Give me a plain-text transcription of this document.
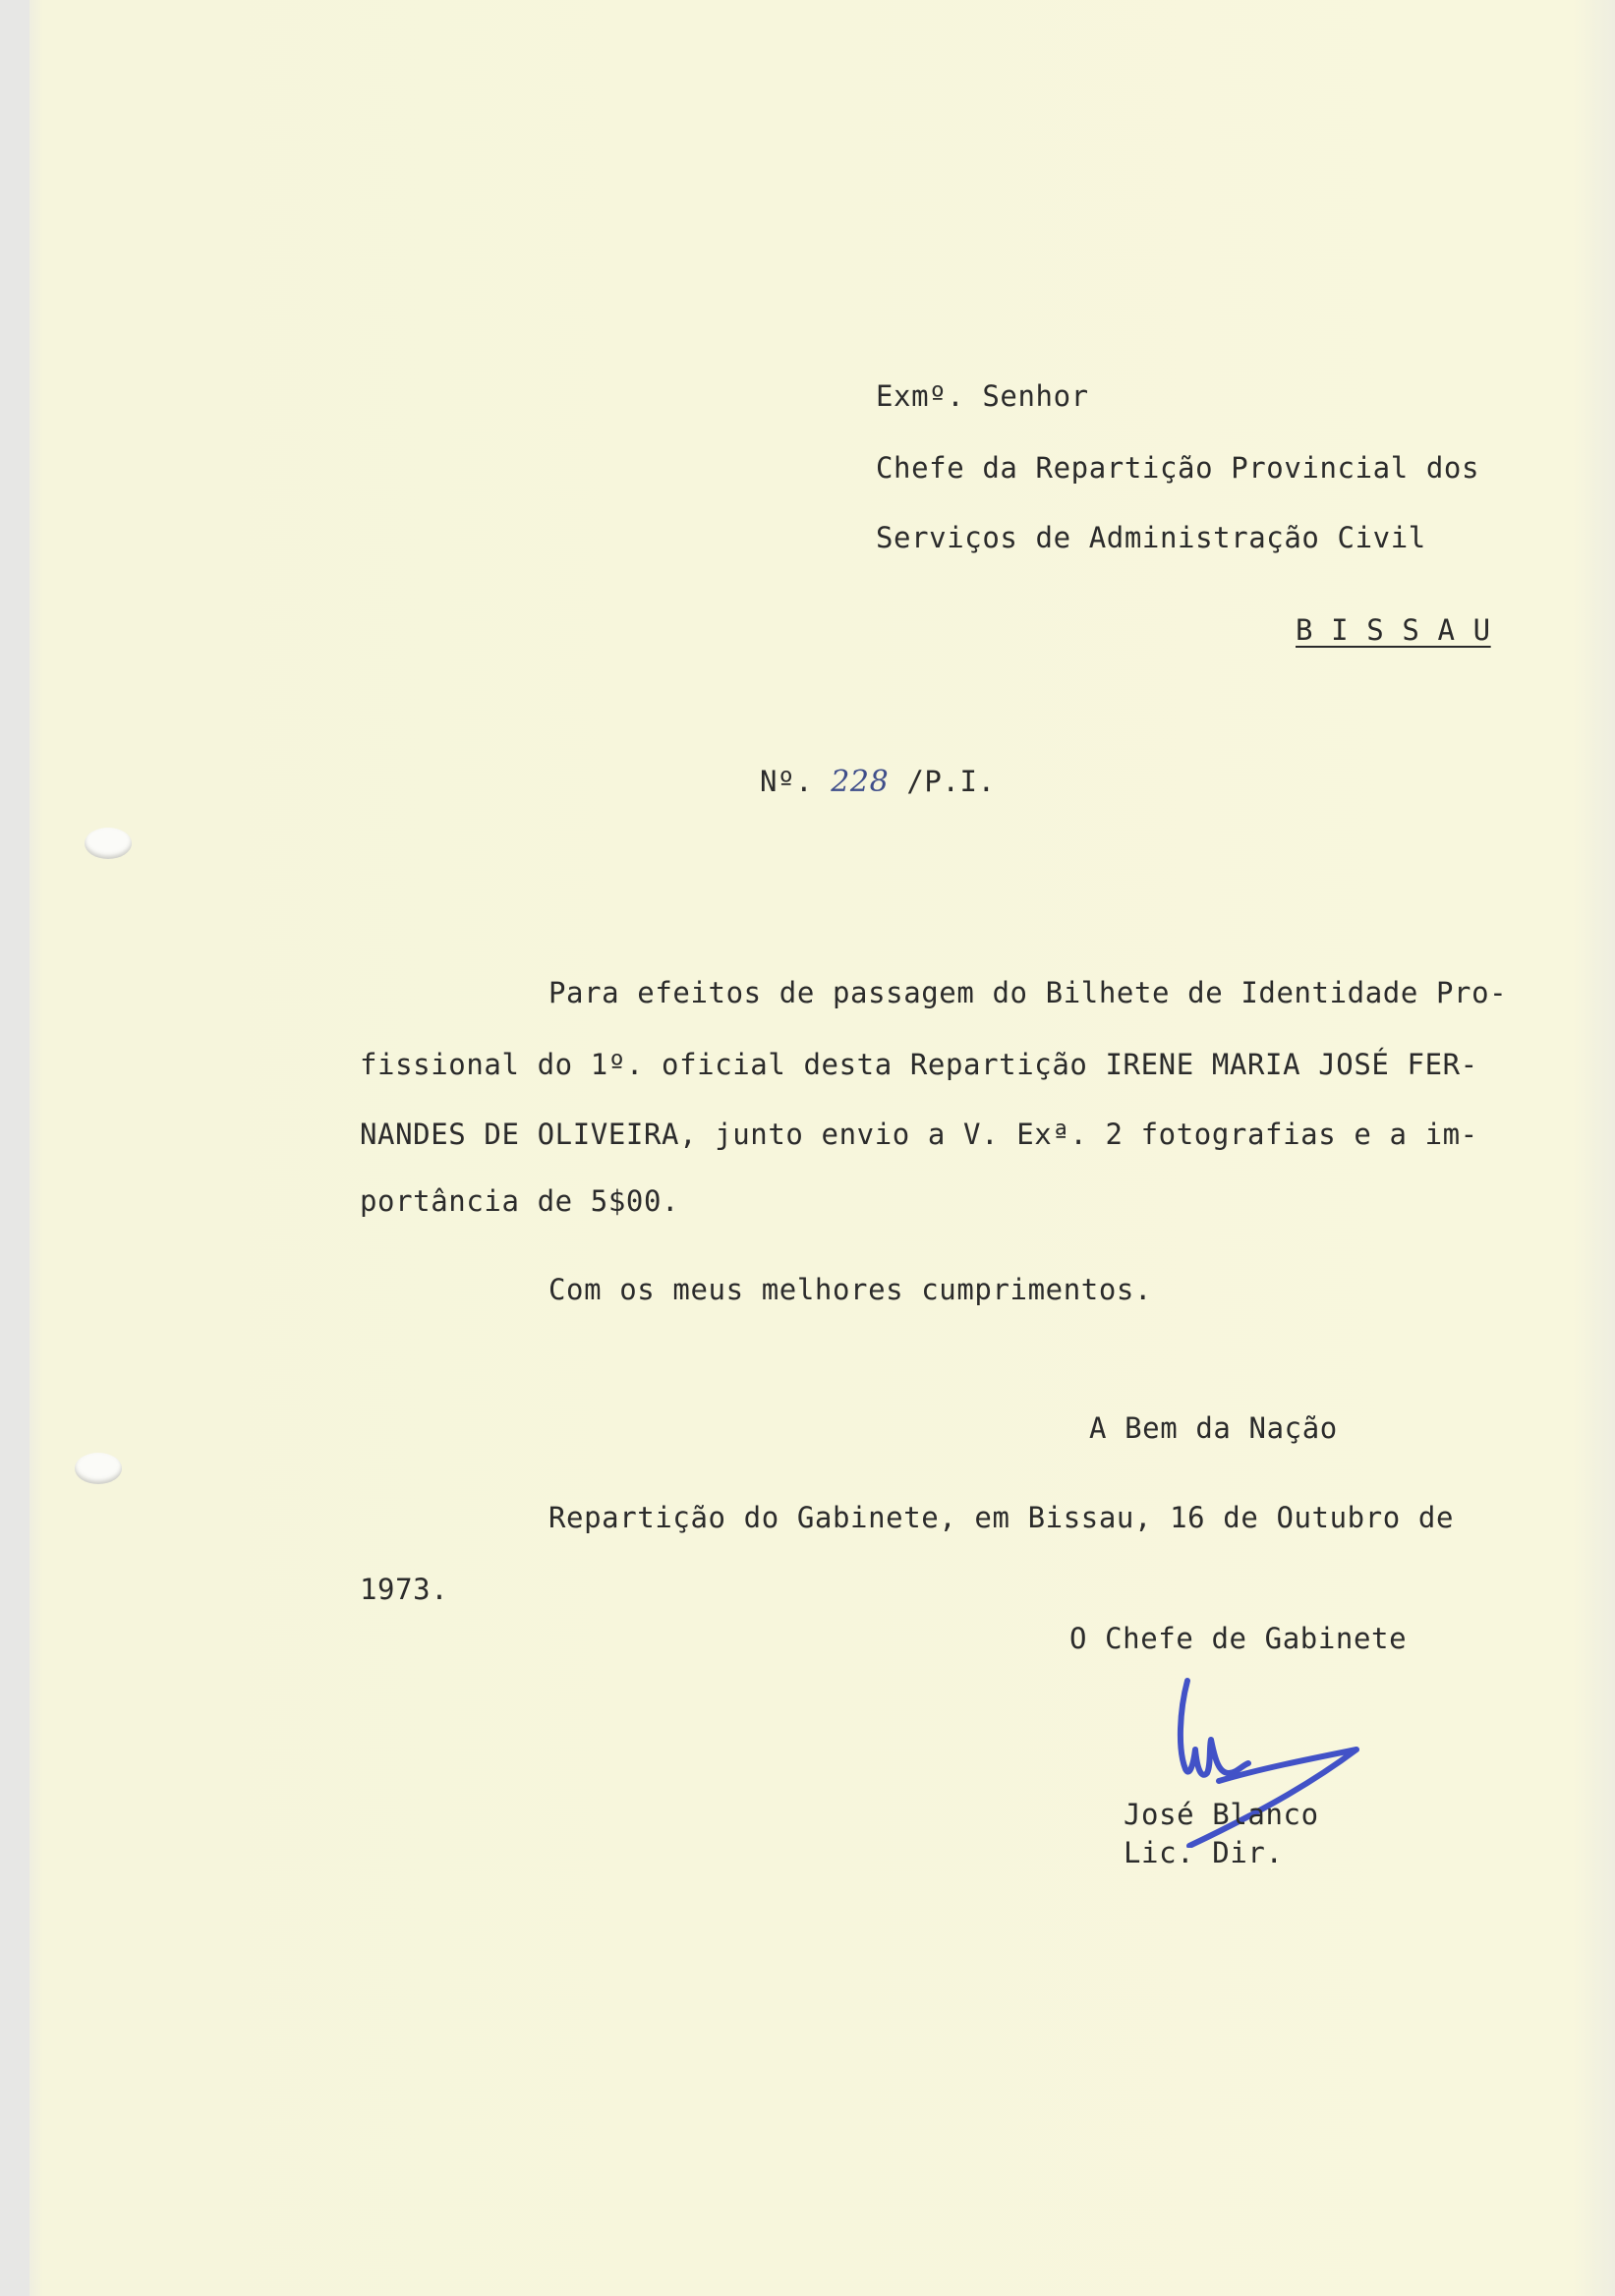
Exmº. Senhor
Chefe da Repartição Provincial dos
Serviços de Administração Civil
B I S S A U
Nº. 228 /P.I.
Para efeitos de passagem do Bilhete de Identidade Pro-
fissional do 1º. oficial desta Repartição IRENE MARIA JOSÉ FER-
NANDES DE OLIVEIRA, junto envio a V. Exª. 2 fotografias e a im-
portância de 5$00.
Com os meus melhores cumprimentos.
A Bem da Nação
Repartição do Gabinete, em Bissau, 16 de Outubro de
1973.
O Chefe de Gabinete
José Blanco
Lic. Dir.
